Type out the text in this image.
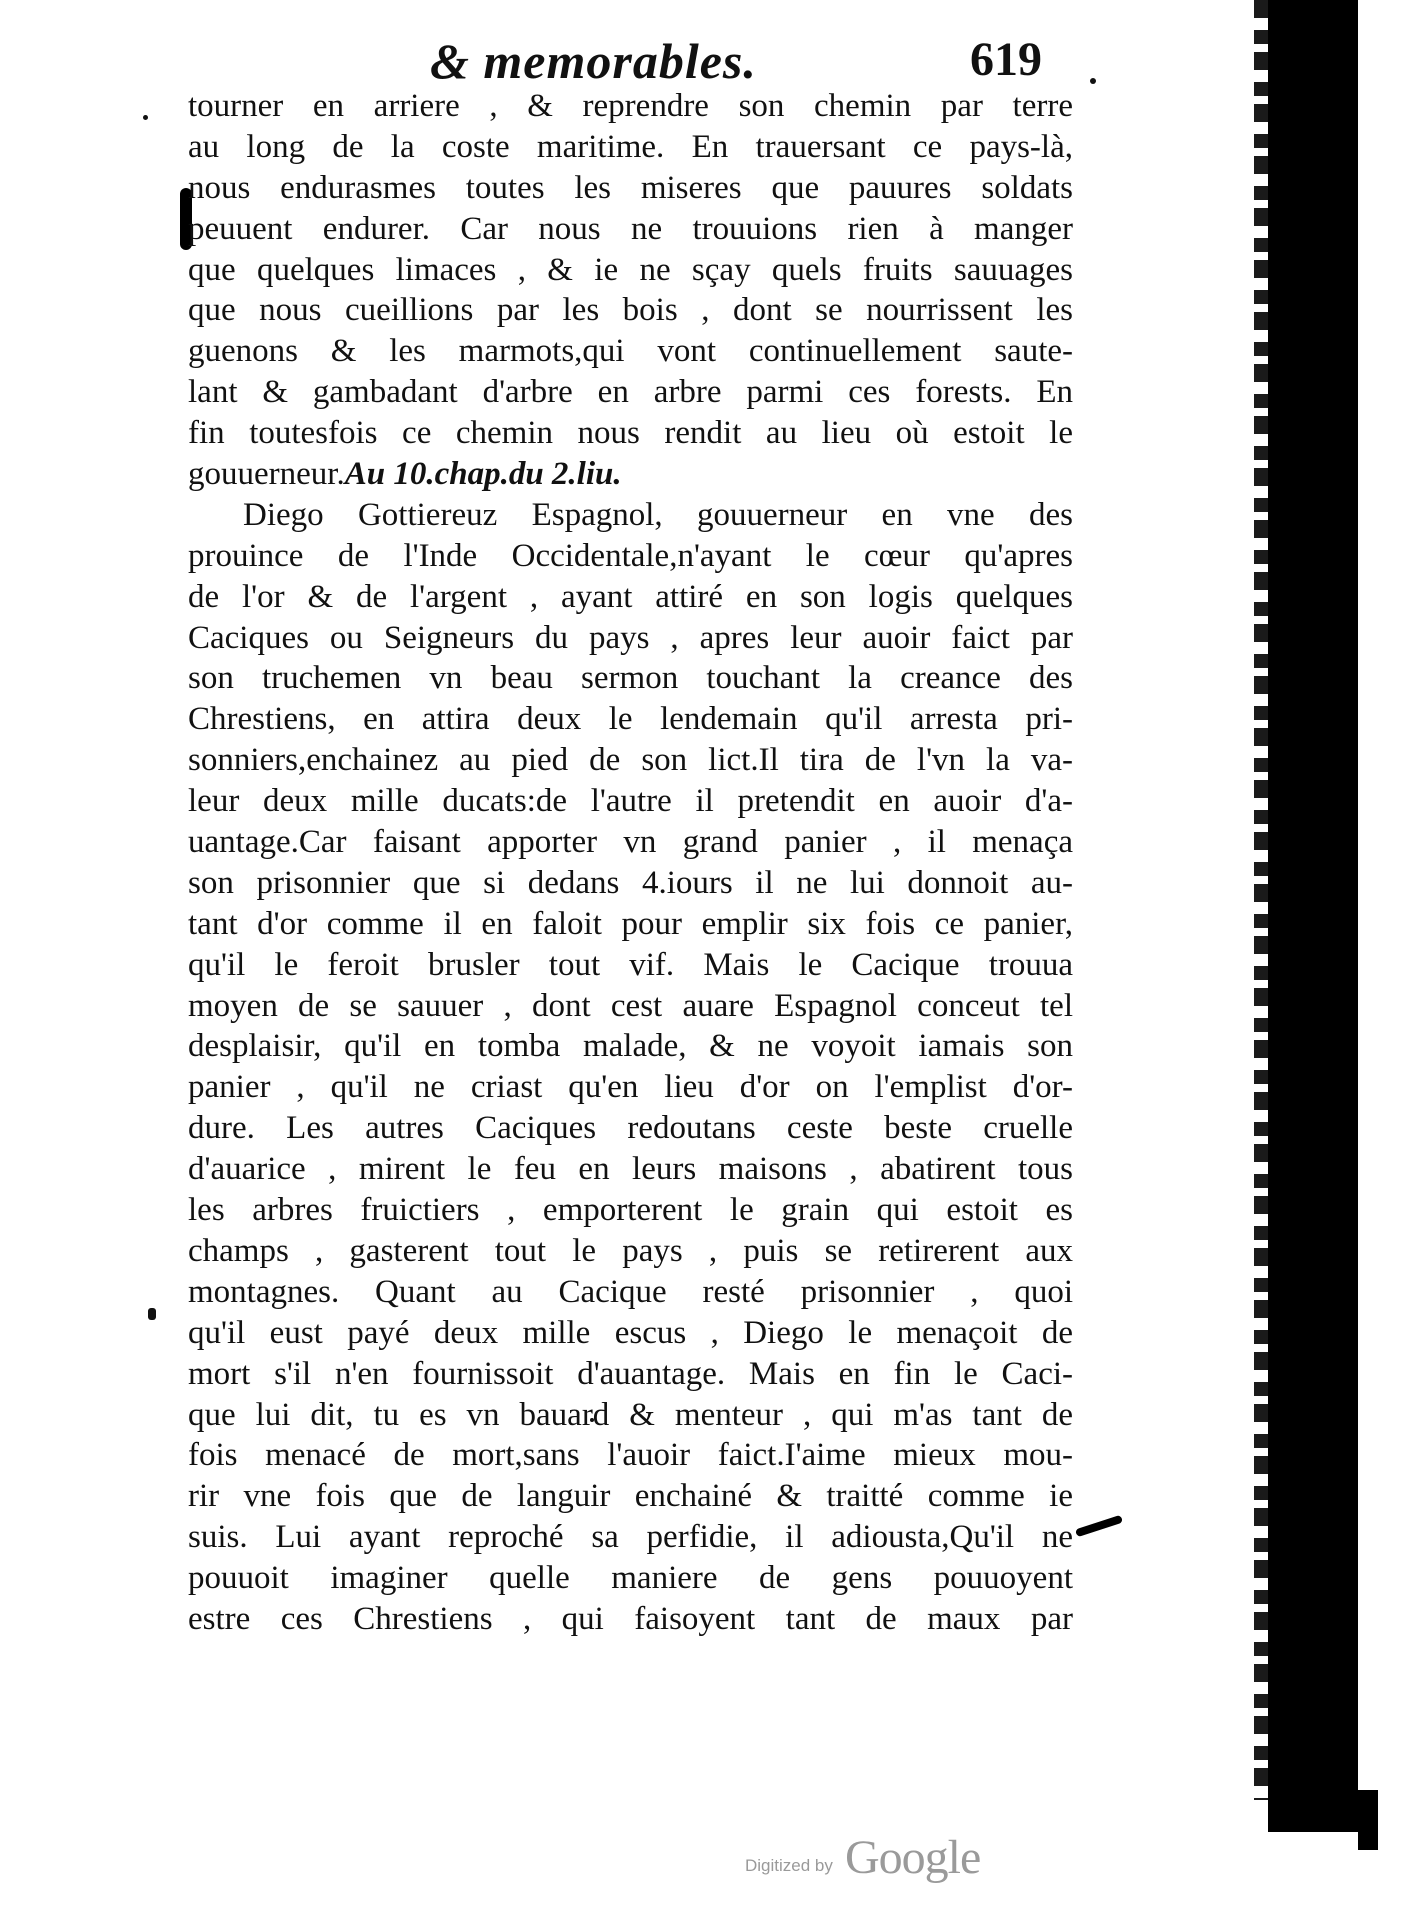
& memorables.	619
tourner en arriere , & reprendre son chemin par terre
au long de la coste maritime. En trauersant ce pays-là,
nous endurasmes toutes les miseres que pauures soldats
peuuent endurer. Car nous ne trouuions rien à manger
que quelques limaces , & ie ne sçay quels fruits sauuages
que nous cueillions par les bois , dont se nourrissent les
guenons & les marmots,qui vont continuellement saute-
lant & gambadant d'arbre en arbre parmi ces forests. En
fin toutesfois ce chemin nous rendit au lieu où estoit le
gouuerneur.Au 10.chap.du 2.liu.
Diego Gottiereuz Espagnol, gouuerneur en vne des
prouince de l'Inde Occidentale,n'ayant le cœur qu'apres
de l'or & de l'argent , ayant attiré en son logis quelques
Caciques ou Seigneurs du pays , apres leur auoir faict par
son truchemen vn beau sermon touchant la creance des
Chrestiens, en attira deux le lendemain qu'il arresta pri-
sonniers,enchainez au pied de son lict.Il tira de l'vn la va-
leur deux mille ducats:de l'autre il pretendit en auoir d'a-
uantage.Car faisant apporter vn grand panier , il menaça
son prisonnier que si dedans 4.iours il ne lui donnoit au-
tant d'or comme il en faloit pour emplir six fois ce panier,
qu'il le feroit brusler tout vif. Mais le Cacique trouua
moyen de se sauuer , dont cest auare Espagnol conceut tel
desplaisir, qu'il en tomba malade, & ne voyoit iamais son
panier , qu'il ne criast qu'en lieu d'or on l'emplist d'or-
dure. Les autres Caciques redoutans ceste beste cruelle
d'auarice , mirent le feu en leurs maisons , abatirent tous
les arbres fruictiers , emporterent le grain qui estoit es
champs , gasterent tout le pays , puis se retirerent aux
montagnes. Quant au Cacique resté prisonnier , quoi
qu'il eust payé deux mille escus , Diego le menaçoit de
mort s'il n'en fournissoit d'auantage. Mais en fin le Caci-
que lui dit, tu es vn bauard & menteur , qui m'as tant de
fois menacé de mort,sans l'auoir faict.I'aime mieux mou-
rir vne fois que de languir enchainé & traitté comme ie
suis. Lui ayant reproché sa perfidie, il adiousta,Qu'il ne
pouuoit imaginer quelle maniere de gens pouuoyent
estre ces Chrestiens , qui faisoyent tant de maux par
Digitized by Google
